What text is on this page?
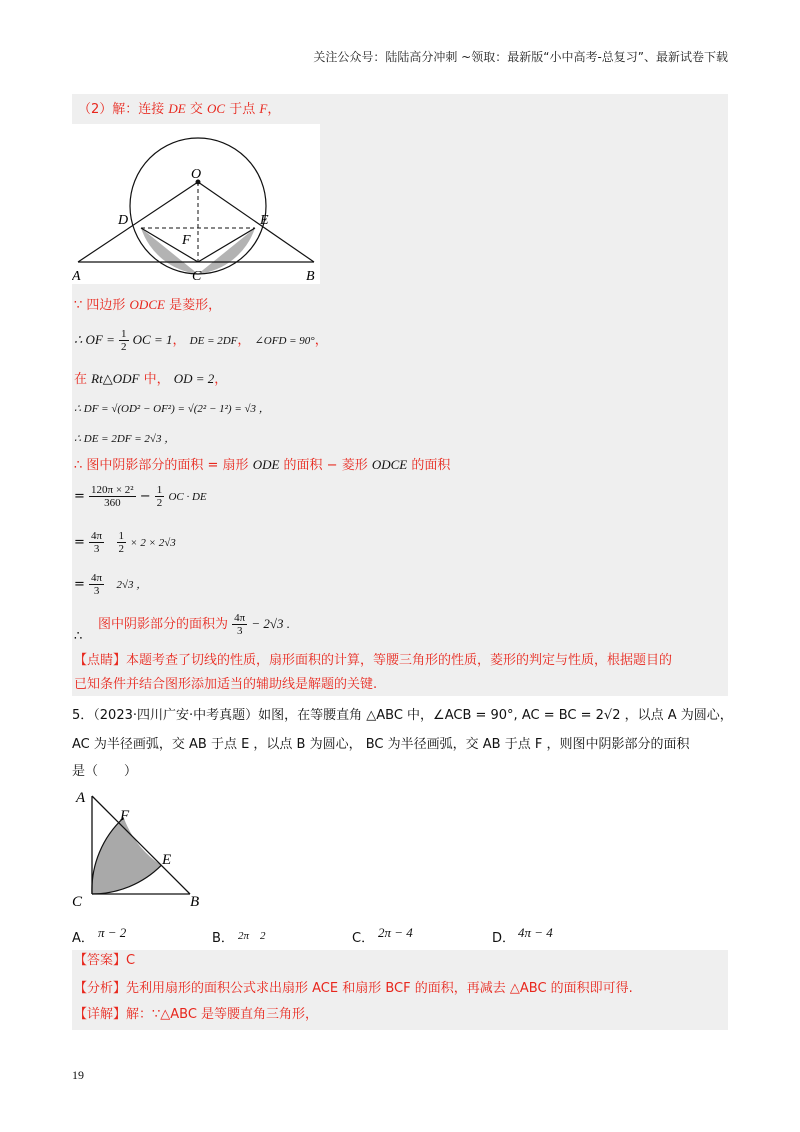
关注公众号：陆陆高分冲刺 ~领取：最新版“小中高考-总复习”、最新试卷下载
（2）解：连接 DE 交 OC 于点 F，
O
D	E
F
A	C	B
∵ 四边形 ODCE 是菱形，
∴ OF = $\frac{1}{2}$ OC = 1， DE = 2DF， ∠OFD = 90°，
在 Rt△ODF 中， OD = 2，
∴ DF = √(OD² − OF²) = √(2² − 1²) = √3 ，
∴ DE = 2DF = 2√3 ，
∴ 图中阴影部分的面积 = 扇形 ODE 的面积 − 菱形 ODCE 的面积
= $\frac{\text{120π × 2²}}{360} - \frac{1}{2}$ OC · DE
= $\frac{4\pi}{3}$
$\frac{1}{2} \times 2 \times 2√3$
= $\frac{4\pi}{3} 2√3$ ，
图中阴影部分的面积为 $\frac{4\pi}{3} - 2√3$ .
∴
【点睛】本题考查了切线的性质，扇形面积的计算，等腰三角形的性质，菱形的判定与性质，根据题目的
已知条件并结合图形添加适当的辅助线是解题的关键.
5．（2023·四川广安·中考真题）如图，在等腰直角 △ABC 中，∠ACB = 90°, AC = BC = 2√2 ，以点 A 为圆心，
AC 为半径画弧，交 AB 于点 E ，以点 B 为圆心， BC 为半径画弧，交 AB 于点 F ，则图中阴影部分的面积
是（　　）
A
F
E
C	B
A． π − 2	B． 2π　2	C． 2π − 4	D． 4π − 4
【答案】C
【分析】先利用扇形的面积公式求出扇形 ACE 和扇形 BCF 的面积，再减去 △ABC 的面积即可得.
【详解】解：∵△ABC 是等腰直角三角形，
19
